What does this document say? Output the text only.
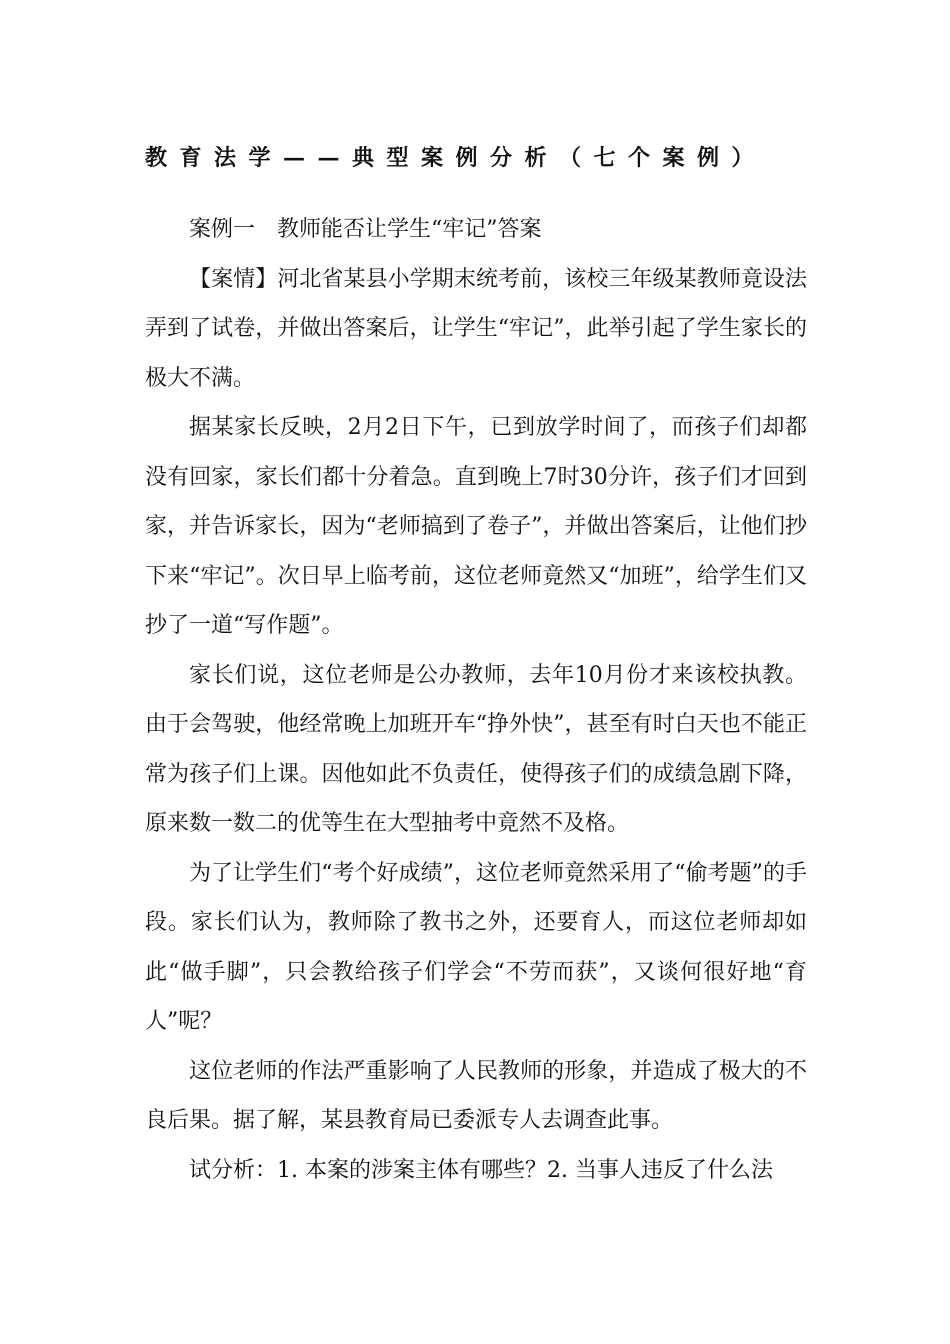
教育法学——典型案例分析（七个案例）

案例一　教师能否让学生“牢记”答案

【案情】河北省某县小学期末统考前，该校三年级某教师竟设法弄到了试卷，并做出答案后，让学生“牢记”，此举引起了学生家长的极大不满。

据某家长反映，2月2日下午，已到放学时间了，而孩子们却都没有回家，家长们都十分着急。直到晚上7时30分许，孩子们才回到家，并告诉家长，因为“老师搞到了卷子”，并做出答案后，让他们抄下来“牢记”。次日早上临考前，这位老师竟然又“加班”，给学生们又抄了一道“写作题”。

家长们说，这位老师是公办教师，去年10月份才来该校执教。由于会驾驶，他经常晚上加班开车“挣外快”，甚至有时白天也不能正常为孩子们上课。因他如此不负责任，使得孩子们的成绩急剧下降，原来数一数二的优等生在大型抽考中竟然不及格。

为了让学生们“考个好成绩”，这位老师竟然采用了“偷考题”的手段。家长们认为，教师除了教书之外，还要育人，而这位老师却如此“做手脚”，只会教给孩子们学会“不劳而获”，又谈何很好地“育人”呢？

这位老师的作法严重影响了人民教师的形象，并造成了极大的不良后果。据了解，某县教育局已委派专人去调查此事。

试分析：1. 本案的涉案主体有哪些？2. 当事人违反了什么法
